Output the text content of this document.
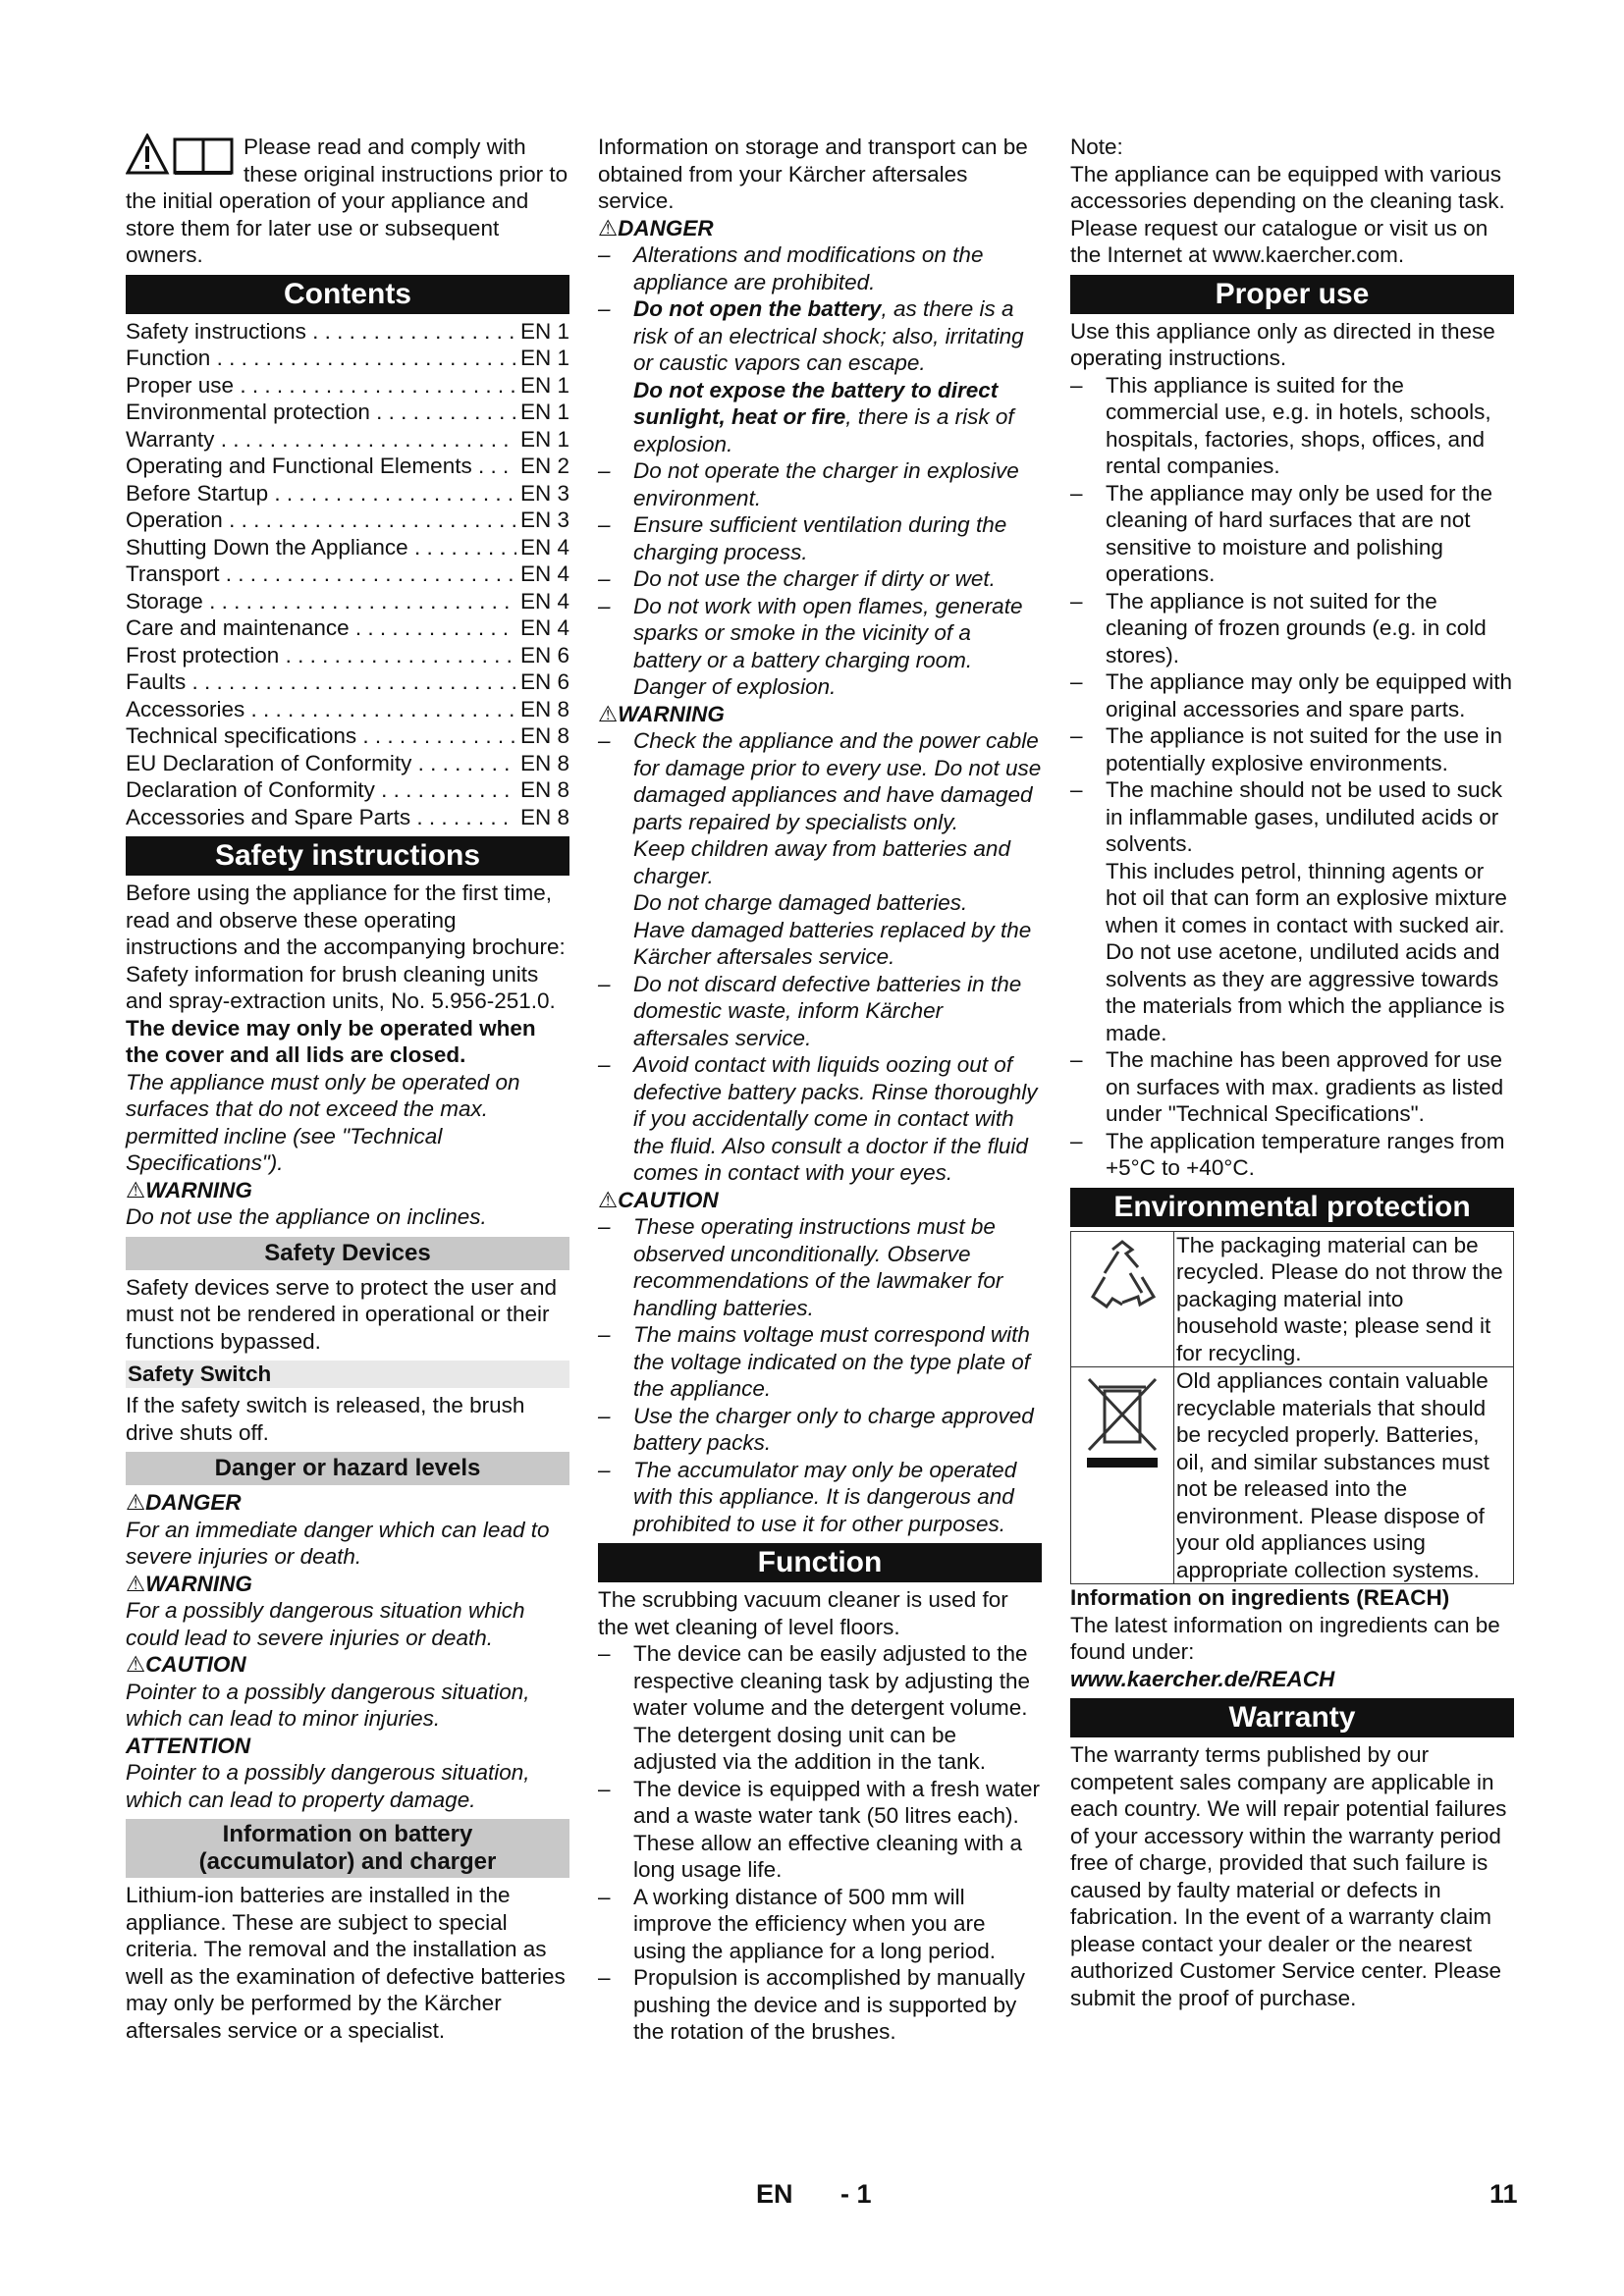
Please read and comply with these original instructions prior to the initial operation of your appliance and store them for later use or subsequent owners.

Contents
Safety instructions . . .	EN 1
Function . . .	EN 1
Proper use . . .	EN 1
Environmental protection . . .	EN 1
Warranty . . .	EN 1
Operating and Functional Elements . . .	EN 2
Before Startup . . .	EN 3
Operation . . .	EN 3
Shutting Down the Appliance . . .	EN 4
Transport . . .	EN 4
Storage . . .	EN 4
Care and maintenance . . .	EN 4
Frost protection . . .	EN 6
Faults . . .	EN 6
Accessories . . .	EN 8
Technical specifications . . .	EN 8
EU Declaration of Conformity . . .	EN 8
Declaration of Conformity . . .	EN 8
Accessories and Spare Parts . . .	EN 8
Safety instructions

Before using the appliance for the first time, read and observe these operating instructions and the accompanying brochure: Safety information for brush cleaning units and spray-extraction units, No. 5.956-251.0.

The device may only be operated when the cover and all lids are closed.

The appliance must only be operated on surfaces that do not exceed the max. permitted incline (see "Technical Specifications").

⚠WARNING

Do not use the appliance on inclines.

Safety Devices

Safety devices serve to protect the user and must not be rendered in operational or their functions bypassed.

Safety Switch

If the safety switch is released, the brush drive shuts off.

Danger or hazard levels

⚠DANGER

For an immediate danger which can lead to severe injuries or death.

⚠WARNING

For a possibly dangerous situation which could lead to severe injuries or death.

⚠CAUTION

Pointer to a possibly dangerous situation, which can lead to minor injuries.

ATTENTION

Pointer to a possibly dangerous situation, which can lead to property damage.

Information on battery
(accumulator) and charger

Lithium-ion batteries are installed in the appliance. These are subject to special criteria. The removal and the installation as well as the examination of defective batteries may only be performed by the Kärcher aftersales service or a specialist.

Information on storage and transport can be obtained from your Kärcher aftersales service.

⚠DANGER

– Alterations and modifications on the appliance are prohibited.
– Do not open the battery, as there is a risk of an electrical shock; also, irritating or caustic vapors can escape.
Do not expose the battery to direct sunlight, heat or fire, there is a risk of explosion.
– Do not operate the charger in explosive environment.
– Ensure sufficient ventilation during the charging process.
– Do not use the charger if dirty or wet.
– Do not work with open flames, generate sparks or smoke in the vicinity of a battery or a battery charging room. Danger of explosion.

⚠WARNING

– Check the appliance and the power cable for damage prior to every use. Do not use damaged appliances and have damaged parts repaired by specialists only.
Keep children away from batteries and charger.
Do not charge damaged batteries.
Have damaged batteries replaced by the Kärcher aftersales service.
– Do not discard defective batteries in the domestic waste, inform Kärcher aftersales service.
– Avoid contact with liquids oozing out of defective battery packs. Rinse thoroughly if you accidentally come in contact with the fluid. Also consult a doctor if the fluid comes in contact with your eyes.

⚠CAUTION

– These operating instructions must be observed unconditionally. Observe recommendations of the lawmaker for handling batteries.
– The mains voltage must correspond with the voltage indicated on the type plate of the appliance.
– Use the charger only to charge approved battery packs.
– The accumulator may only be operated with this appliance. It is dangerous and prohibited to use it for other purposes.
Function

The scrubbing vacuum cleaner is used for the wet cleaning of level floors.

– The device can be easily adjusted to the respective cleaning task by adjusting the water volume and the detergent volume.
The detergent dosing unit can be adjusted via the addition in the tank.
– The device is equipped with a fresh water and a waste water tank (50 litres each). These allow an effective cleaning with a long usage life.
– A working distance of 500 mm will improve the efficiency when you are using the appliance for a long period.
– Propulsion is accomplished by manually pushing the device and is supported by the rotation of the brushes.

Note:

The appliance can be equipped with various accessories depending on the cleaning task.

Please request our catalogue or visit us on the Internet at www.kaercher.com.

Proper use

Use this appliance only as directed in these operating instructions.

– This appliance is suited for the commercial use, e.g. in hotels, schools, hospitals, factories, shops, offices, and rental companies.
– The appliance may only be used for the cleaning of hard surfaces that are not sensitive to moisture and polishing operations.
– The appliance is not suited for the cleaning of frozen grounds (e.g. in cold stores).
– The appliance may only be equipped with original accessories and spare parts.
– The appliance is not suited for the use in potentially explosive environments.
– The machine should not be used to suck in inflammable gases, undiluted acids or solvents.
This includes petrol, thinning agents or hot oil that can form an explosive mixture when it comes in contact with sucked air. Do not use acetone, undiluted acids and solvents as they are aggressive towards the materials from which the appliance is made.
– The machine has been approved for use on surfaces with max. gradients as listed under "Technical Specifications".
– The application temperature ranges from +5°C to +40°C.
Environmental protection
The packaging material can be recycled. Please do not throw the packaging material into household waste; please send it for recycling.
Old appliances contain valuable recyclable materials that should be recycled properly. Batteries, oil, and similar substances must not be released into the environment. Please dispose of your old appliances using appropriate collection systems.

Information on ingredients (REACH)

The latest information on ingredients can be found under:

www.kaercher.de/REACH

Warranty

The warranty terms published by our competent sales company are applicable in each country. We will repair potential failures of your accessory within the warranty period free of charge, provided that such failure is caused by faulty material or defects in fabrication. In the event of a warranty claim please contact your dealer or the nearest authorized Customer Service center. Please submit the proof of purchase.

EN - 1	11
